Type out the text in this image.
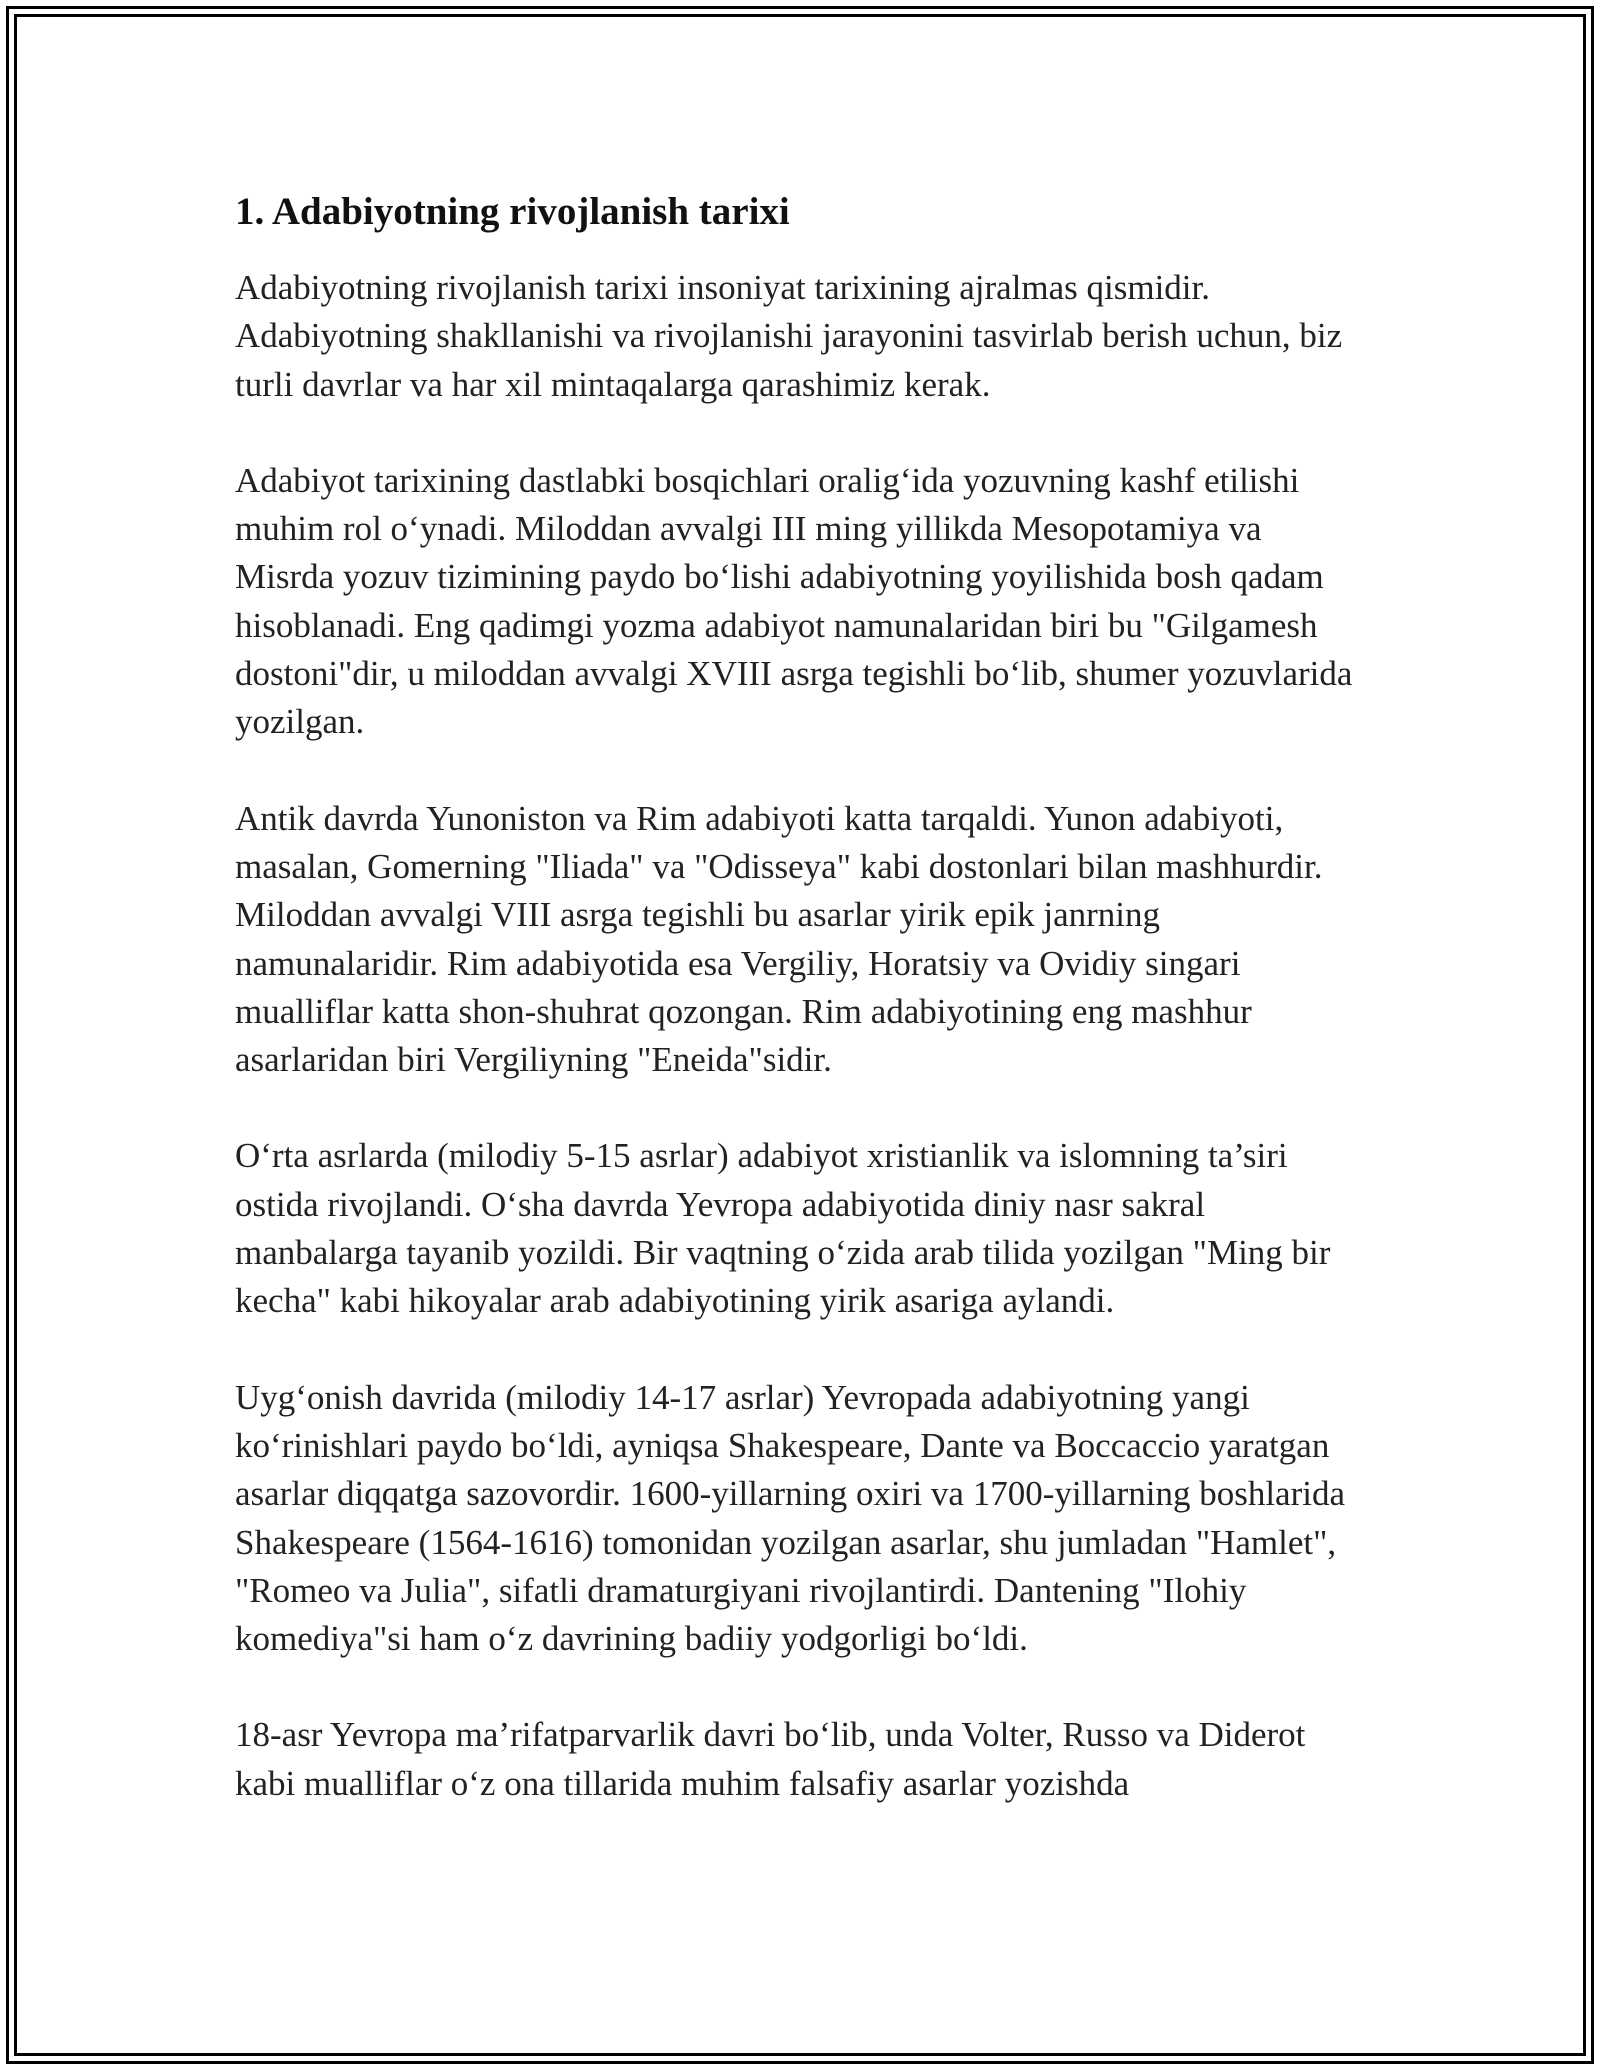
1. Adabiyotning rivojlanish tarixi

Adabiyotning rivojlanish tarixi insoniyat tarixining ajralmas qismidir. Adabiyotning shakllanishi va rivojlanishi jarayonini tasvirlab berish uchun, biz turli davrlar va har xil mintaqalarga qarashimiz kerak.

Adabiyot tarixining dastlabki bosqichlari oralig‘ida yozuvning kashf etilishi muhim rol o‘ynadi. Miloddan avvalgi III ming yillikda Mesopotamiya va Misrda yozuv tizimining paydo bo‘lishi adabiyotning yoyilishida bosh qadam hisoblanadi. Eng qadimgi yozma adabiyot namunalaridan biri bu "Gilgamesh dostoni"dir, u miloddan avvalgi XVIII asrga tegishli bo‘lib, shumer yozuvlarida yozilgan.

Antik davrda Yunoniston va Rim adabiyoti katta tarqaldi. Yunon adabiyoti, masalan, Gomerning "Iliada" va "Odisseya" kabi dostonlari bilan mashhurdir. Miloddan avvalgi VIII asrga tegishli bu asarlar yirik epik janrning namunalaridir. Rim adabiyotida esa Vergiliy, Horatsiy va Ovidiy singari mualliflar katta shon-shuhrat qozongan. Rim adabiyotining eng mashhur asarlaridan biri Vergiliyning "Eneida"sidir.

O‘rta asrlarda (milodiy 5-15 asrlar) adabiyot xristianlik va islomning ta’siri ostida rivojlandi. O‘sha davrda Yevropa adabiyotida diniy nasr sakral manbalarga tayanib yozildi. Bir vaqtning o‘zida arab tilida yozilgan "Ming bir kecha" kabi hikoyalar arab adabiyotining yirik asariga aylandi.

Uyg‘onish davrida (milodiy 14-17 asrlar) Yevropada adabiyotning yangi ko‘rinishlari paydo bo‘ldi, ayniqsa Shakespeare, Dante va Boccaccio yaratgan asarlar diqqatga sazovordir. 1600-yillarning oxiri va 1700-yillarning boshlarida Shakespeare (1564-1616) tomonidan yozilgan asarlar, shu jumladan "Hamlet", "Romeo va Julia", sifatli dramaturgiyani rivojlantirdi. Dantening "Ilohiy komediya"si ham o‘z davrining badiiy yodgorligi bo‘ldi.

18-asr Yevropa ma’rifatparvarlik davri bo‘lib, unda Volter, Russo va Diderot kabi mualliflar o‘z ona tillarida muhim falsafiy asarlar yozishda
